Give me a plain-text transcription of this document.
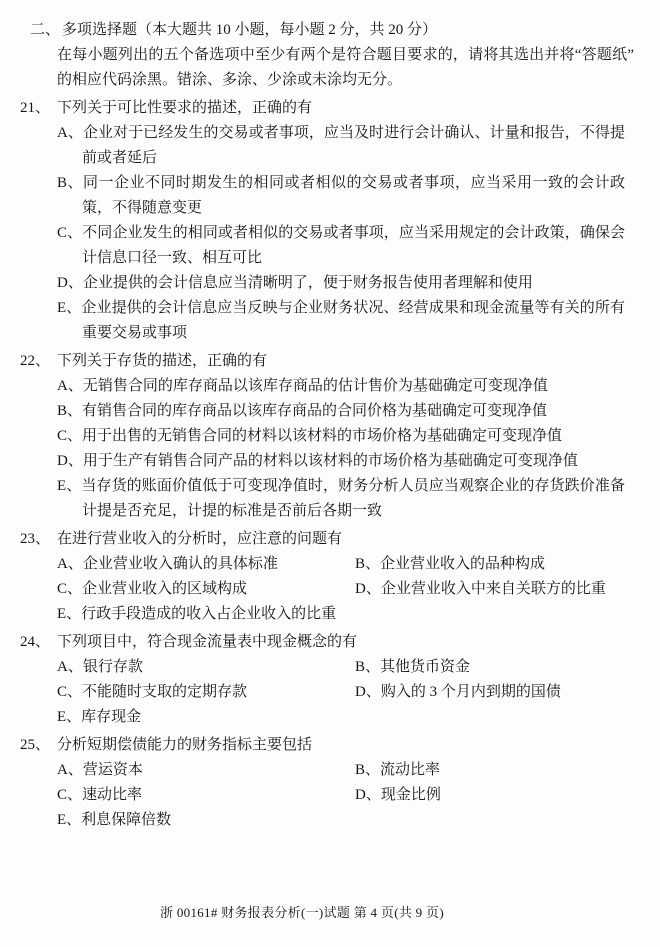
二、 多项选择题（本大题共 10 小题，每小题 2 分，共 20 分）
在每小题列出的五个备选项中至少有两个是符合题目要求的，请将其选出并将“答题纸”的相应代码涂黑。错涂、多涂、少涂或未涂均无分。
21、 下列关于可比性要求的描述，正确的有
A、企业对于已经发生的交易或者事项，应当及时进行会计确认、计量和报告，不得提前或者延后
B、同一企业不同时期发生的相同或者相似的交易或者事项，应当采用一致的会计政策，不得随意变更
C、不同企业发生的相同或者相似的交易或者事项，应当采用规定的会计政策，确保会计信息口径一致、相互可比
D、企业提供的会计信息应当清晰明了，便于财务报告使用者理解和使用
E、企业提供的会计信息应当反映与企业财务状况、经营成果和现金流量等有关的所有重要交易或事项
22、 下列关于存货的描述，正确的有
A、无销售合同的库存商品以该库存商品的估计售价为基础确定可变现净值
B、有销售合同的库存商品以该库存商品的合同价格为基础确定可变现净值
C、用于出售的无销售合同的材料以该材料的市场价格为基础确定可变现净值
D、用于生产有销售合同产品的材料以该材料的市场价格为基础确定可变现净值
E、当存货的账面价值低于可变现净值时，财务分析人员应当观察企业的存货跌价准备计提是否充足，计提的标准是否前后各期一致
23、 在进行营业收入的分析时，应注意的问题有
A、企业营业收入确认的具体标准	B、企业营业收入的品种构成
C、企业营业收入的区域构成	D、企业营业收入中来自关联方的比重
E、行政手段造成的收入占企业收入的比重
24、 下列项目中，符合现金流量表中现金概念的有
A、银行存款	B、其他货币资金
C、不能随时支取的定期存款	D、购入的 3 个月内到期的国债
E、库存现金
25、 分析短期偿债能力的财务指标主要包括
A、营运资本	B、流动比率
C、速动比率	D、现金比例
E、利息保障倍数
浙 00161# 财务报表分析(一)试题 第 4 页(共 9 页)
